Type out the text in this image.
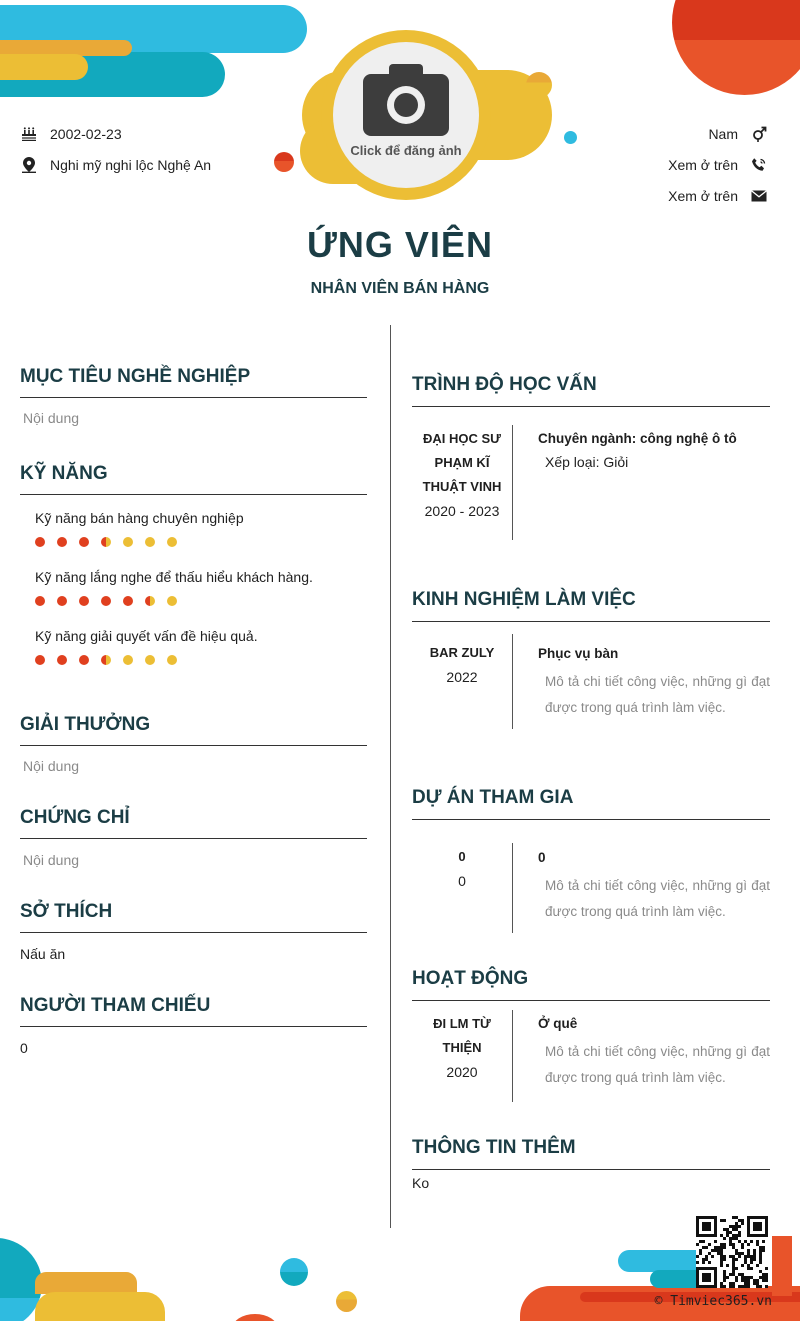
2002-02-23
Nghi mỹ nghi lộc Nghệ An
Nam
Xem ở trên
Xem ở trên
Click để đăng ảnh
ỨNG VIÊN
NHÂN VIÊN BÁN HÀNG
MỤC TIÊU NGHỀ NGHIỆP
Nội dung
KỸ NĂNG
Kỹ năng bán hàng chuyên nghiệp
Kỹ năng lắng nghe để thấu hiểu khách hàng.
Kỹ năng giải quyết vấn đề hiệu quả.
GIẢI THƯỞNG
Nội dung
CHỨNG CHỈ
Nội dung
SỞ THÍCH
Nấu ăn
NGƯỜI THAM CHIẾU
0
TRÌNH ĐỘ HỌC VẤN
ĐẠI HỌC SƯ
PHẠM KĨ
THUẬT VINH
2020 - 2023
Chuyên ngành: công nghệ ô tô
Xếp loại: Giỏi
KINH NGHIỆM LÀM VIỆC
BAR ZULY
2022
Phục vụ bàn
Mô tả chi tiết công việc, những gì đạt được trong quá trình làm việc.
DỰ ÁN THAM GIA
0
0
0
Mô tả chi tiết công việc, những gì đạt được trong quá trình làm việc.
HOẠT ĐỘNG
ĐI LM TỪ
THIỆN
2020
Ở quê
Mô tả chi tiết công việc, những gì đạt được trong quá trình làm việc.
THÔNG TIN THÊM
Ko
© Timviec365.vn
